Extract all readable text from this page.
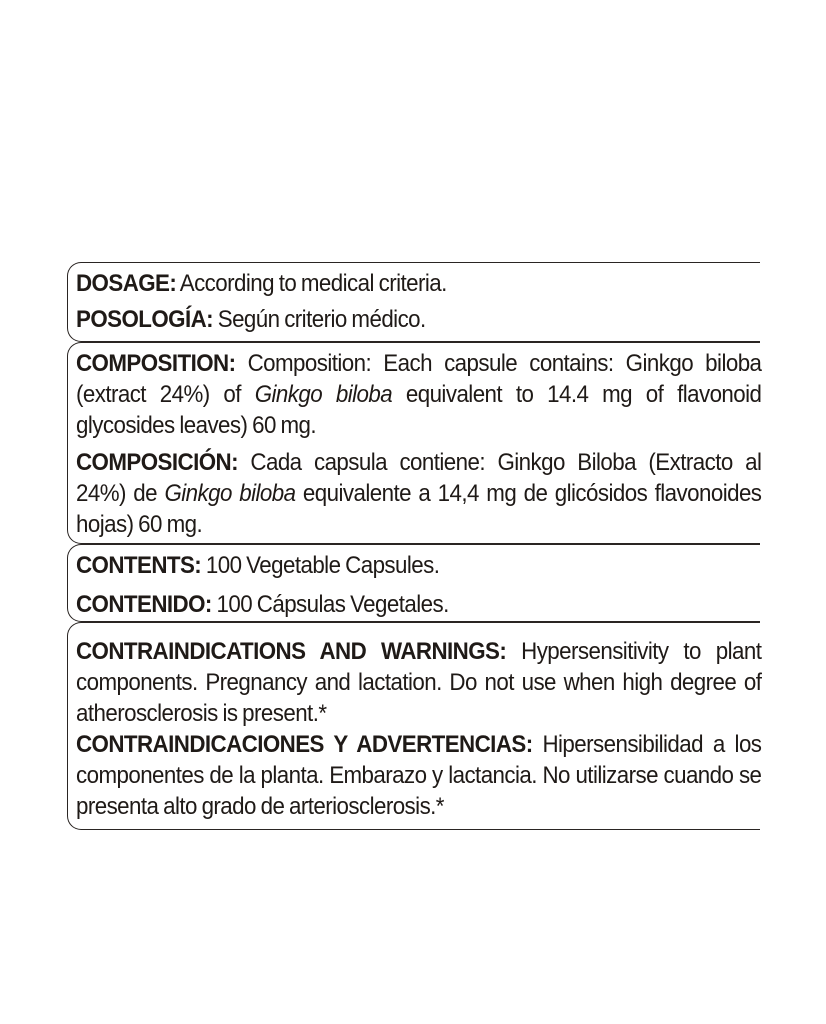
DOSAGE: According to medical criteria.

POSOLOGÍA: Según criterio médico.

COMPOSITION: Composition: Each capsule contains: Ginkgo biloba (extract 24%) of Ginkgo biloba equivalent to 14.4 mg of flavonoid glycosides leaves) 60 mg.

COMPOSICIÓN: Cada capsula contiene: Ginkgo Biloba (Extracto al 24%) de Ginkgo biloba equivalente a 14,4 mg de glicósidos flavonoides hojas) 60 mg.

CONTENTS: 100 Vegetable Capsules.

CONTENIDO: 100 Cápsulas Vegetales.

CONTRAINDICATIONS AND WARNINGS: Hypersensitivity to plant components. Pregnancy and lactation. Do not use when high degree of atherosclerosis is present.*

CONTRAINDICACIONES Y ADVERTENCIAS: Hipersensibilidad a los componentes de la planta. Embarazo y lactancia. No utilizarse cuando se presenta alto grado de arteriosclerosis.*
